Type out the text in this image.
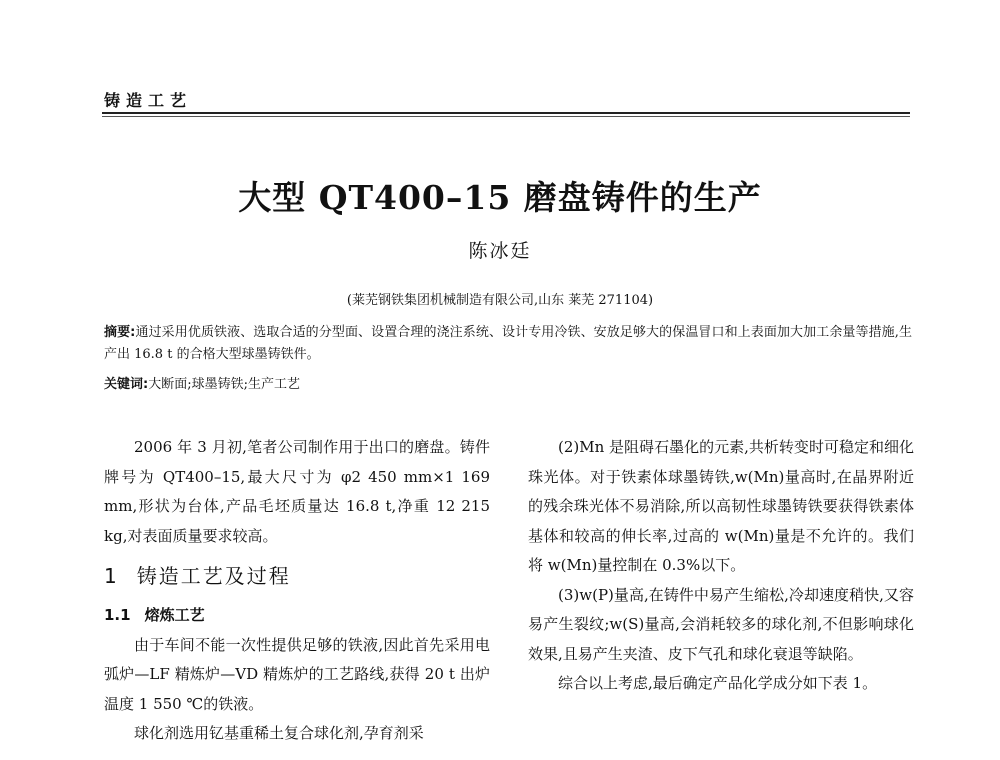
铸造工艺
大型 QT400–15 磨盘铸件的生产
陈冰廷
(莱芜钢铁集团机械制造有限公司,山东 莱芜 271104)
摘要:通过采用优质铁液、选取合适的分型面、设置合理的浇注系统、设计专用冷铁、安放足够大的保温冒口和上表面加大加工余量等措施,生产出 16.8 t 的合格大型球墨铸铁件。
关键词:大断面;球墨铸铁;生产工艺

2006 年 3 月初,笔者公司制作用于出口的磨盘。铸件牌号为 QT400–15,最大尺寸为 φ2 450 mm×1 169 mm,形状为台体,产品毛坯质量达 16.8 t,净重 12 215 kg,对表面质量要求较高。

1 铸造工艺及过程
1.1 熔炼工艺

由于车间不能一次性提供足够的铁液,因此首先采用电弧炉—LF 精炼炉—VD 精炼炉的工艺路线,获得 20 t 出炉温度 1 550 ℃的铁液。

球化剂选用钇基重稀土复合球化剂,孕育剂采

(2)Mn 是阻碍石墨化的元素,共析转变时可稳定和细化珠光体。对于铁素体球墨铸铁,w(Mn)量高时,在晶界附近的残余珠光体不易消除,所以高韧性球墨铸铁要获得铁素体基体和较高的伸长率,过高的 w(Mn)量是不允许的。我们将 w(Mn)量控制在 0.3%以下。

(3)w(P)量高,在铸件中易产生缩松,冷却速度稍快,又容易产生裂纹;w(S)量高,会消耗较多的球化剂,不但影响球化效果,且易产生夹渣、皮下气孔和球化衰退等缺陷。

综合以上考虑,最后确定产品化学成分如下表 1。
